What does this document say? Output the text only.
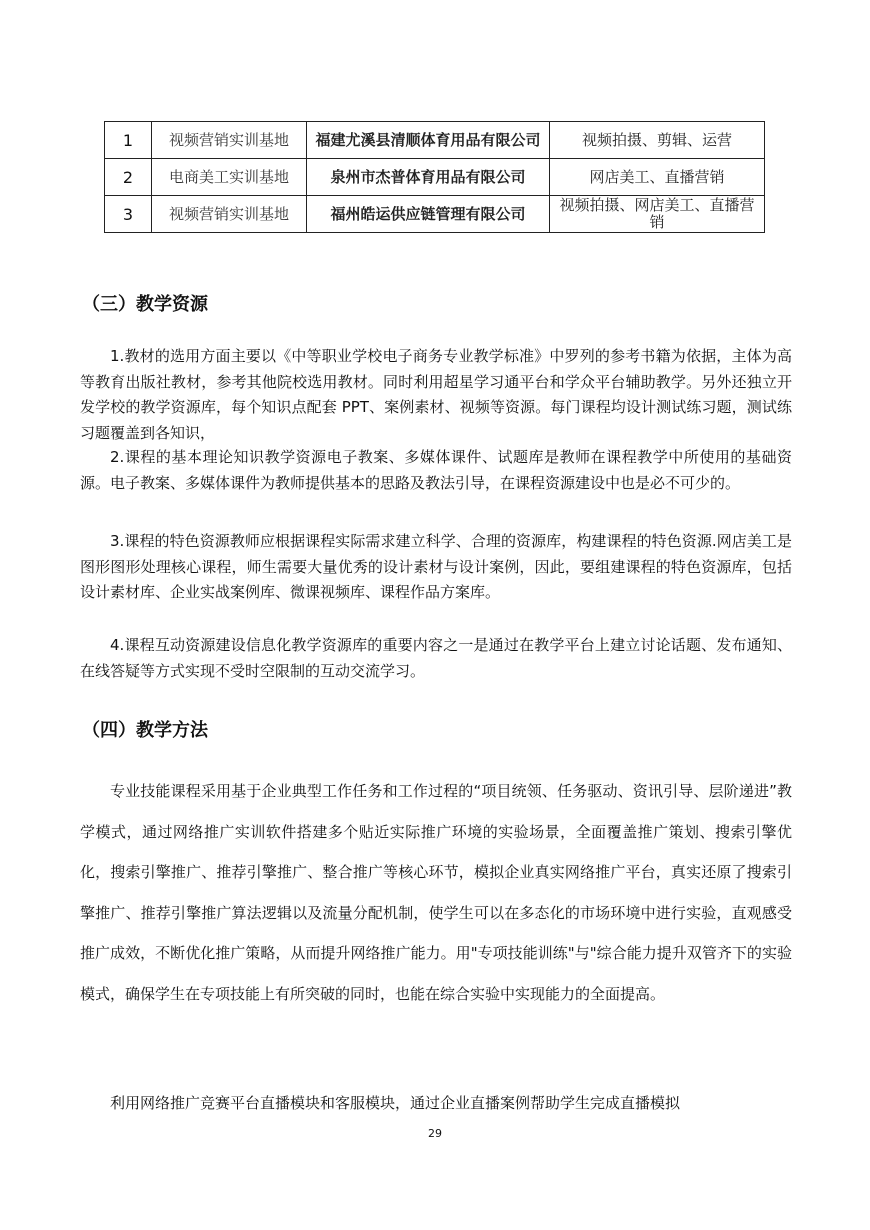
1	视频营销实训基地	福建尤溪县清顺体育用品有限公司	视频拍摄、剪辑、运营
2	电商美工实训基地	泉州市杰普体育用品有限公司	网店美工、直播营销
3	视频营销实训基地	福州皓运供应链管理有限公司	视频拍摄、网店美工、直播营销
（三）教学资源

1.教材的选用方面主要以《中等职业学校电子商务专业教学标准》中罗列的参考书籍为依据，主体为高等教育出版社教材，参考其他院校选用教材。同时利用超星学习通平台和学众平台辅助教学。另外还独立开发学校的教学资源库，每个知识点配套 PPT、案例素材、视频等资源。每门课程均设计测试练习题，测试练习题覆盖到各知识，

2.课程的基本理论知识教学资源电子教案、多媒体课件、试题库是教师在课程教学中所使用的基础资源。电子教案、多媒体课件为教师提供基本的思路及教法引导，在课程资源建设中也是必不可少的。

3.课程的特色资源教师应根据课程实际需求建立科学、合理的资源库，构建课程的特色资源.网店美工是图形图形处理核心课程，师生需要大量优秀的设计素材与设计案例，因此，要组建课程的特色资源库，包括设计素材库、企业实战案例库、微课视频库、课程作品方案库。

4.课程互动资源建设信息化教学资源库的重要内容之一是通过在教学平台上建立讨论话题、发布通知、在线答疑等方式实现不受时空限制的互动交流学习。

（四）教学方法

专业技能课程采用基于企业典型工作任务和工作过程的“项目统领、任务驱动、资讯引导、层阶递进”教学模式，通过网络推广实训软件搭建多个贴近实际推广环境的实验场景，全面覆盖推广策划、搜索引擎优化，搜索引擎推广、推荐引擎推广、整合推广等核心环节，模拟企业真实网络推广平台，真实还原了搜索引擎推广、推荐引擎推广算法逻辑以及流量分配机制，使学生可以在多态化的市场环境中进行实验，直观感受推广成效，不断优化推广策略，从而提升网络推广能力。用"专项技能训练"与"综合能力提升双管齐下的实验模式，确保学生在专项技能上有所突破的同时，也能在综合实验中实现能力的全面提高。

利用网络推广竞赛平台直播模块和客服模块，通过企业直播案例帮助学生完成直播模拟

29
